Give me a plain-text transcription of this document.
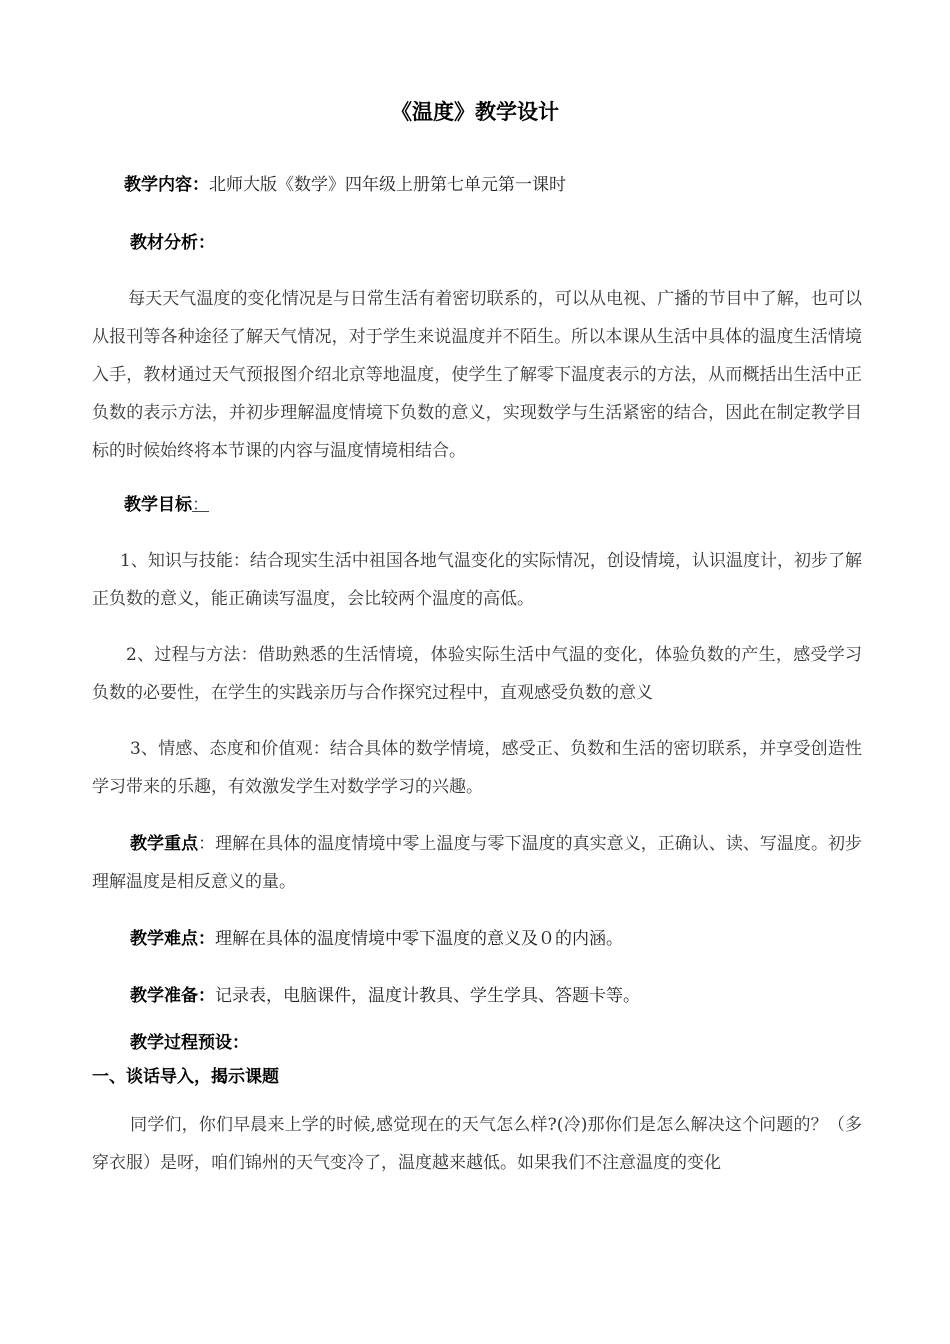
《温度》教学设计
教学内容：北师大版《数学》四年级上册第七单元第一课时
教材分析：
每天天气温度的变化情况是与日常生活有着密切联系的，可以从电视、广播的节目中了解，也可以从报刊等各种途径了解天气情况，对于学生来说温度并不陌生。所以本课从生活中具体的温度生活情境入手，教材通过天气预报图介绍北京等地温度，使学生了解零下温度表示的方法，从而概括出生活中正负数的表示方法，并初步理解温度情境下负数的意义，实现数学与生活紧密的结合，因此在制定教学目标的时候始终将本节课的内容与温度情境相结合。
教学目标：
1、知识与技能：结合现实生活中祖国各地气温变化的实际情况，创设情境，认识温度计，初步了解正负数的意义，能正确读写温度，会比较两个温度的高低。
2、过程与方法：借助熟悉的生活情境，体验实际生活中气温的变化，体验负数的产生，感受学习负数的必要性，在学生的实践亲历与合作探究过程中，直观感受负数的意义
3、情感、态度和价值观：结合具体的数学情境，感受正、负数和生活的密切联系，并享受创造性学习带来的乐趣，有效激发学生对数学学习的兴趣。
教学重点：理解在具体的温度情境中零上温度与零下温度的真实意义，正确认、读、写温度。初步理解温度是相反意义的量。
教学难点：理解在具体的温度情境中零下温度的意义及０的内涵。
教学准备：记录表，电脑课件，温度计教具、学生学具、答题卡等。
教学过程预设：
一、谈话导入，揭示课题
同学们，你们早晨来上学的时候,感觉现在的天气怎么样?(冷)那你们是怎么解决这个问题的？（多穿衣服）是呀，咱们锦州的天气变冷了，温度越来越低。如果我们不注意温度的变化
